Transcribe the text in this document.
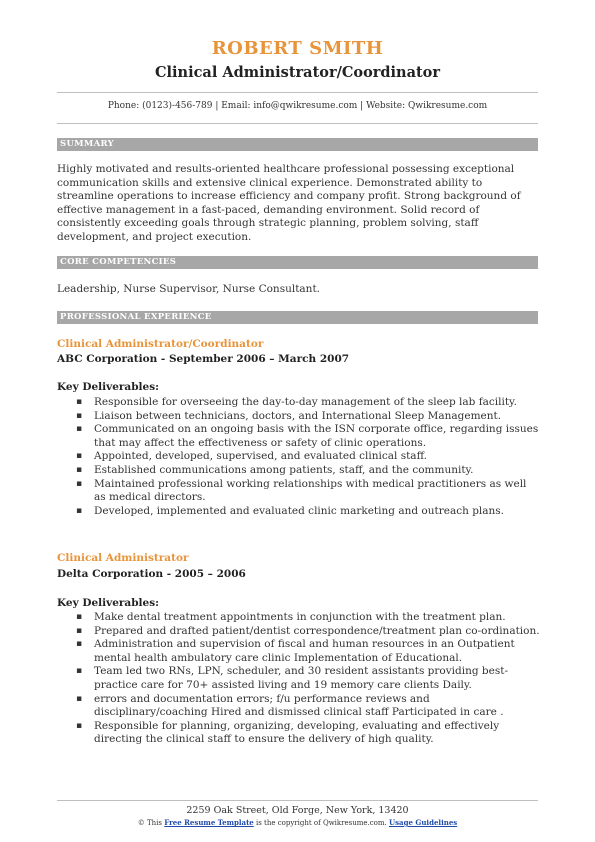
ROBERT SMITH
Clinical Administrator/Coordinator
Phone: (0123)-456-789 | Email: info@qwikresume.com | Website: Qwikresume.com
SUMMARY
Highly motivated and results-oriented healthcare professional possessing exceptional communication skills and extensive clinical experience. Demonstrated ability to streamline operations to increase efficiency and company profit. Strong background of effective management in a fast-paced, demanding environment. Solid record of consistently exceeding goals through strategic planning, problem solving, staff development, and project execution.
CORE COMPETENCIES
Leadership, Nurse Supervisor, Nurse Consultant.
PROFESSIONAL EXPERIENCE
Clinical Administrator/Coordinator
ABC Corporation - September 2006 – March 2007
Key Deliverables:
▪ Responsible for overseeing the day-to-day management of the sleep lab facility.
▪ Liaison between technicians, doctors, and International Sleep Management.
▪ Communicated on an ongoing basis with the ISN corporate office, regarding issues that may affect the effectiveness or safety of clinic operations.
▪ Appointed, developed, supervised, and evaluated clinical staff.
▪ Established communications among patients, staff, and the community.
▪ Maintained professional working relationships with medical practitioners as well as medical directors.
▪ Developed, implemented and evaluated clinic marketing and outreach plans.
Clinical Administrator
Delta Corporation - 2005 – 2006
Key Deliverables:
▪ Make dental treatment appointments in conjunction with the treatment plan.
▪ Prepared and drafted patient/dentist correspondence/treatment plan co-ordination.
▪ Administration and supervision of fiscal and human resources in an Outpatient mental health ambulatory care clinic Implementation of Educational.
▪ Team led two RNs, LPN, scheduler, and 30 resident assistants providing best-practice care for 70+ assisted living and 19 memory care clients Daily.
▪ errors and documentation errors; f/u performance reviews and disciplinary/coaching Hired and dismissed clinical staff Participated in care .
▪ Responsible for planning, organizing, developing, evaluating and effectively directing the clinical staff to ensure the delivery of high quality.
2259 Oak Street, Old Forge, New York, 13420
© This Free Resume Template is the copyright of Qwikresume.com. Usage Guidelines
